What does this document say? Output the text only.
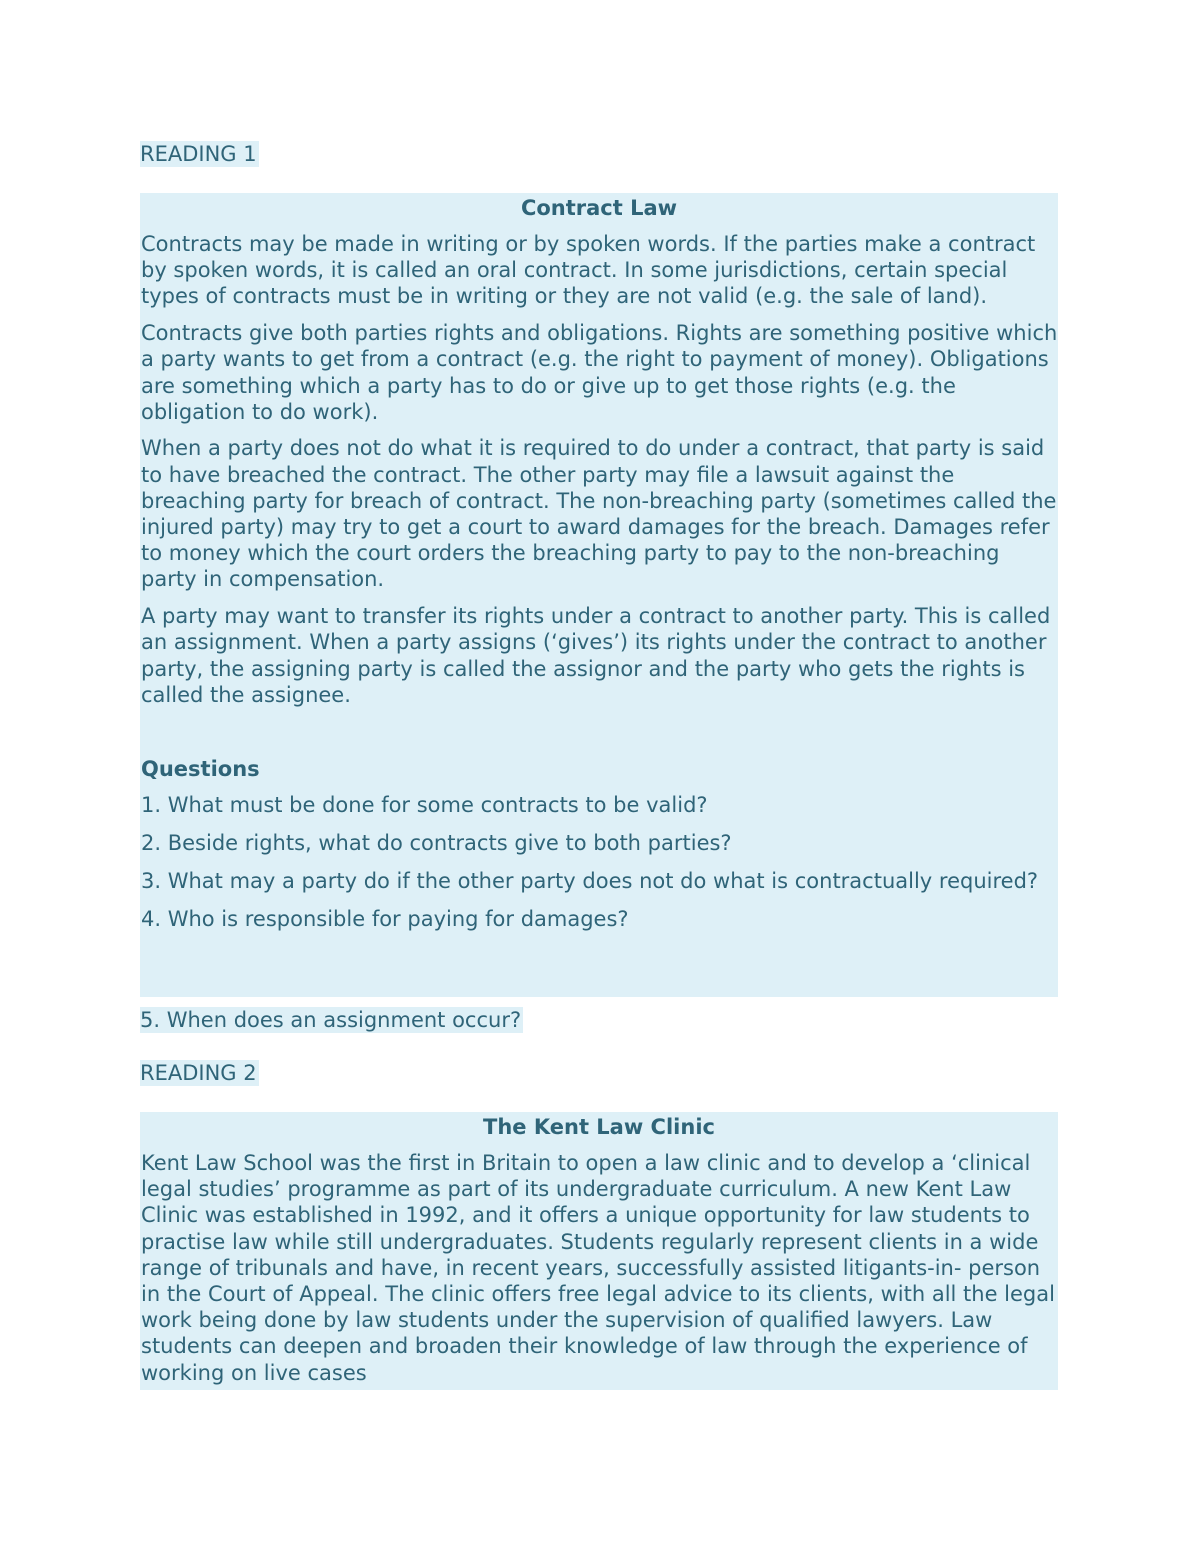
READING 1
Contract Law

Contracts may be made in writing or by spoken words. If the parties make a contract by spoken words, it is called an oral contract. In some jurisdictions, certain special types of contracts must be in writing or they are not valid (e.g. the sale of land).

Contracts give both parties rights and obligations. Rights are something positive which a party wants to get from a contract (e.g. the right to payment of money). Obligations are something which a party has to do or give up to get those rights (e.g. the obligation to do work).

When a party does not do what it is required to do under a contract, that party is said to have breached the contract. The other party may file a lawsuit against the breaching party for breach of contract. The non-breaching party (sometimes called the injured party) may try to get a court to award damages for the breach. Damages refer to money which the court orders the breaching party to pay to the non-breaching party in compensation.

A party may want to transfer its rights under a contract to another party. This is called an assignment. When a party assigns (‘gives’) its rights under the contract to another party, the assigning party is called the assignor and the party who gets the rights is called the assignee.

Questions

1. What must be done for some contracts to be valid?

2. Beside rights, what do contracts give to both parties?

3. What may a party do if the other party does not do what is contractually required?

4. Who is responsible for paying for damages?

5. When does an assignment occur?
READING 2
The Kent Law Clinic

Kent Law School was the first in Britain to open a law clinic and to develop a ‘clinical legal studies’ programme as part of its undergraduate curriculum. A new Kent Law Clinic was established in 1992, and it offers a unique opportunity for law students to practise law while still undergraduates. Students regularly represent clients in a wide range of tribunals and have, in recent years, successfully assisted litigants-in- person in the Court of Appeal. The clinic offers free legal advice to its clients, with all the legal work being done by law students under the supervision of qualified lawyers. Law students can deepen and broaden their knowledge of law through the experience of working on live cases
